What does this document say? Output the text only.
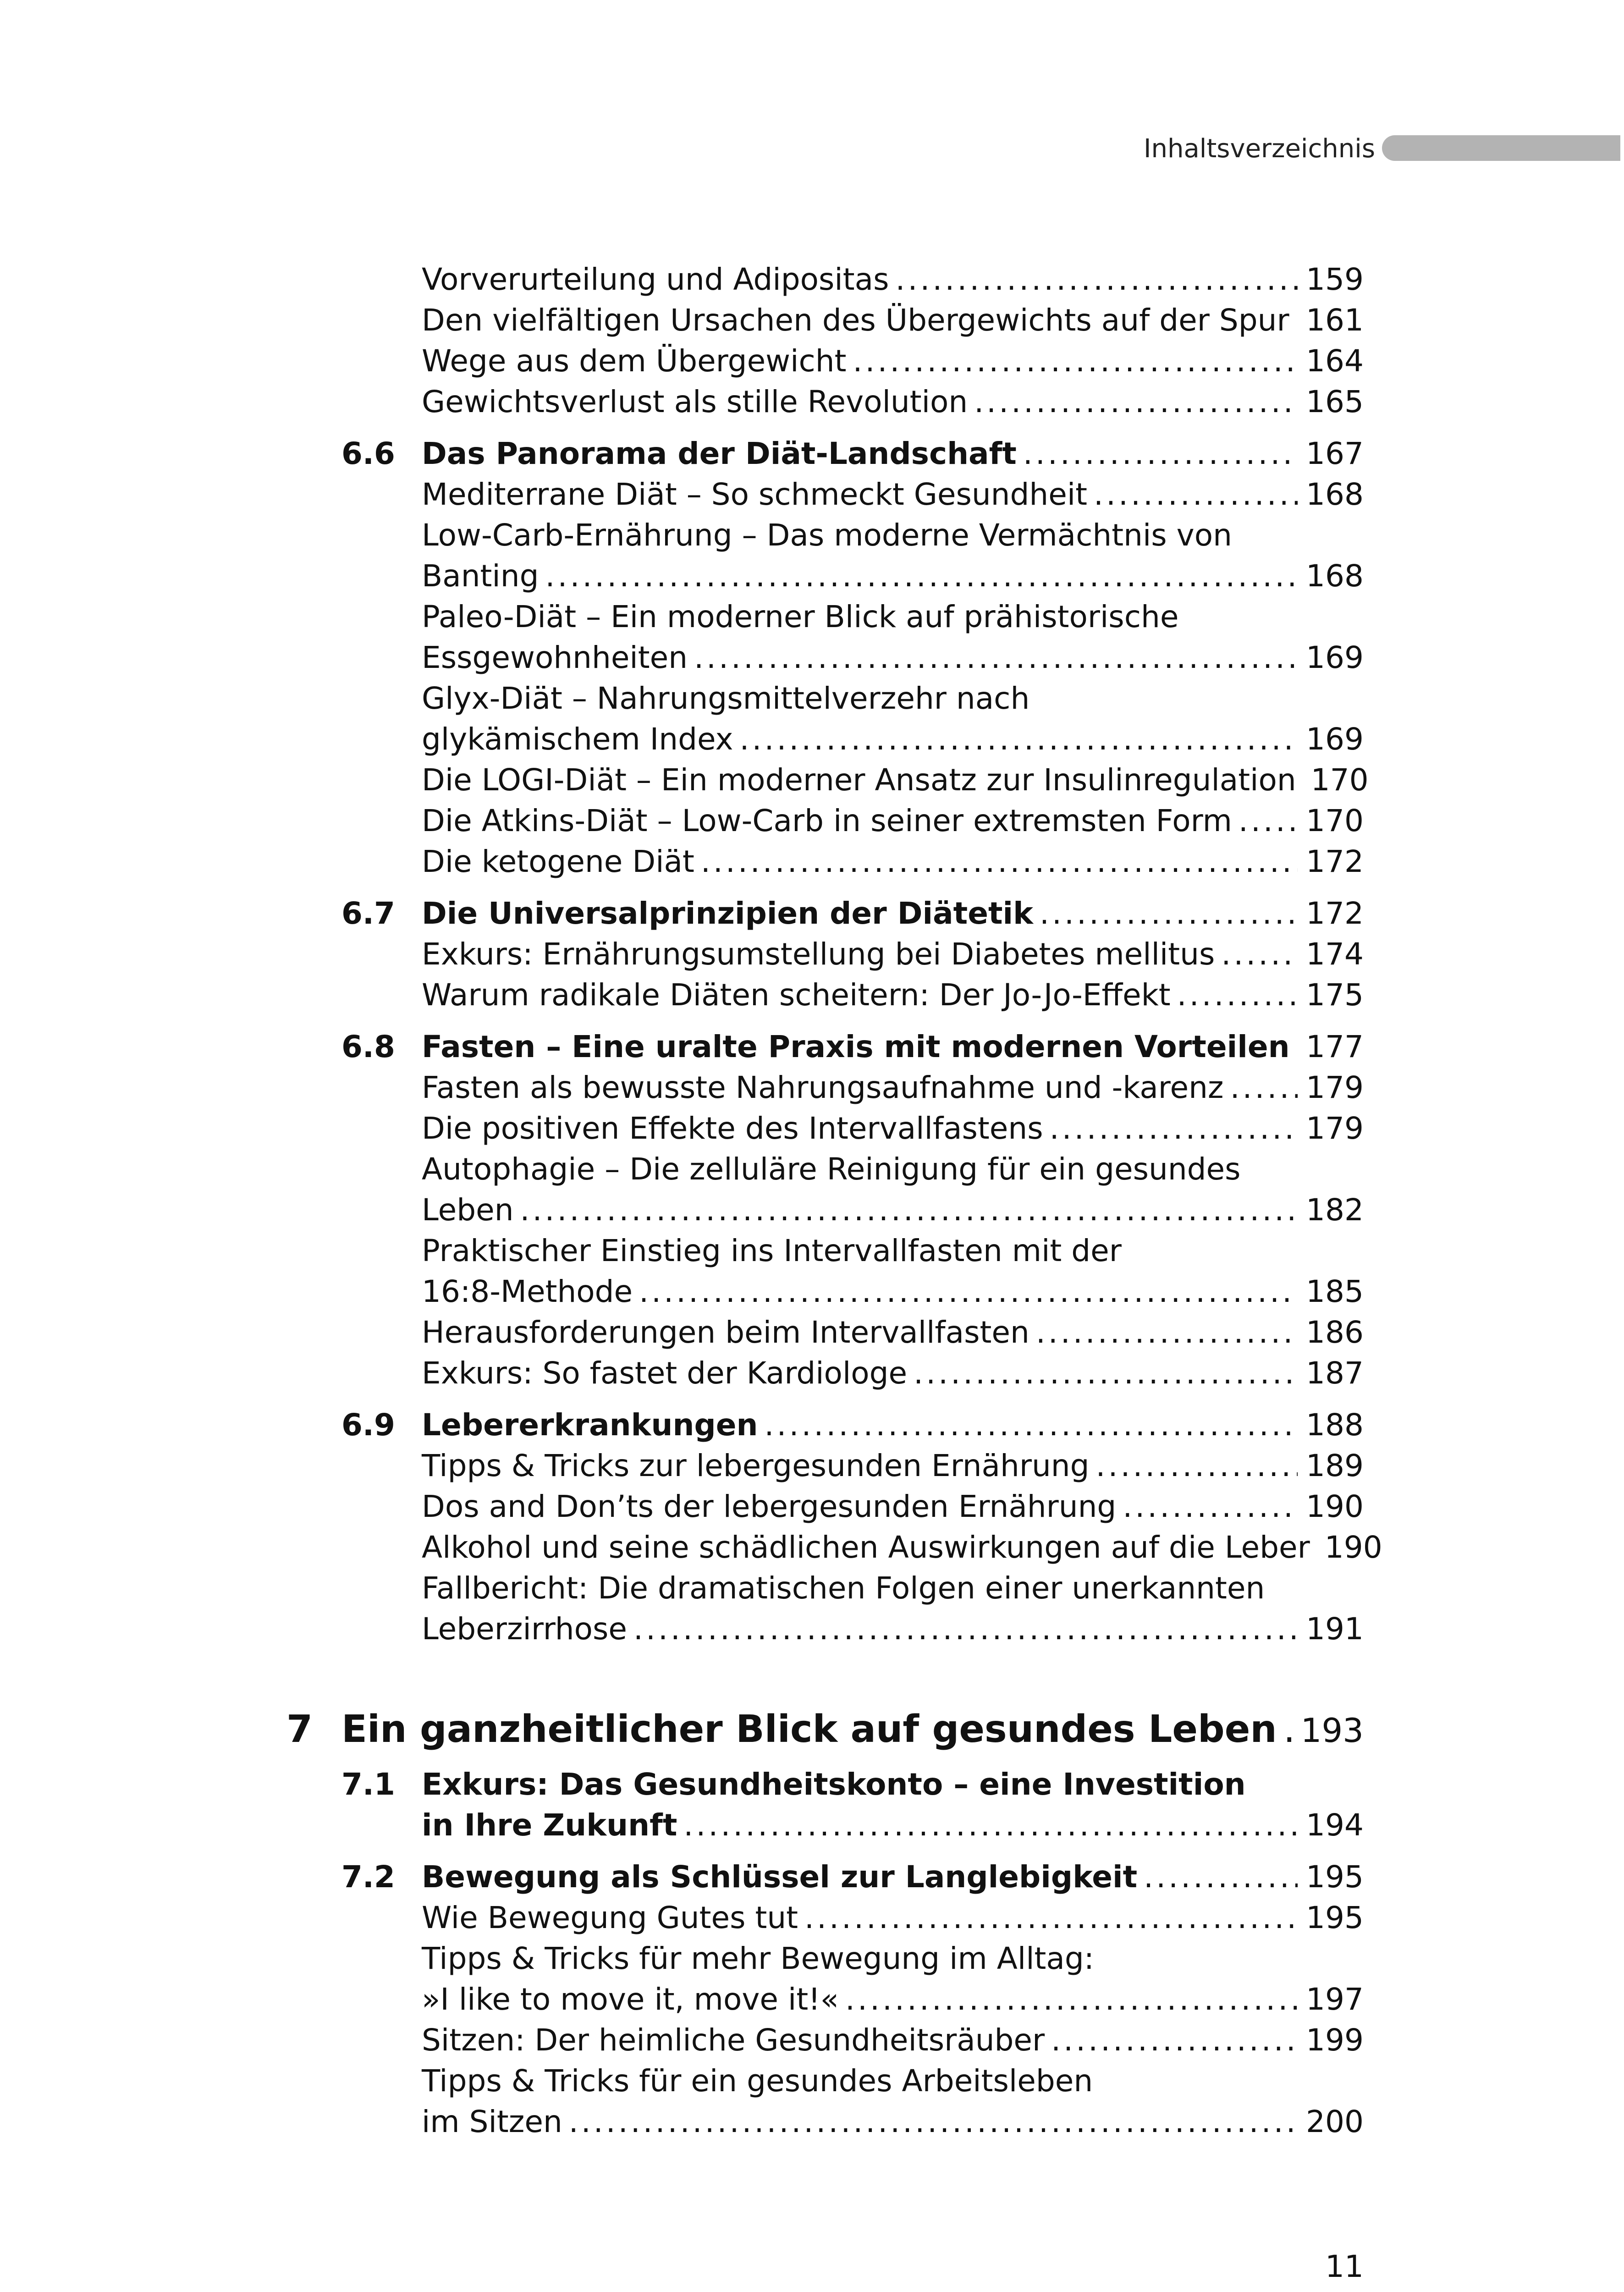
Inhaltsverzeichnis
Vorverurteilung und Adipositas .....	159
Den vielfältigen Ursachen des Übergewichts auf der Spur ..... 161
Wege aus dem Übergewicht .....	164
Gewichtsverlust als stille Revolution .....	165
6.6 Das Panorama der Diät-Landschaft .....	167
Mediterrane Diät – So schmeckt Gesundheit .....	168
Low-Carb-Ernährung – Das moderne Vermächtnis von
Banting .....	168
Paleo-Diät – Ein moderner Blick auf prähistorische
Essgewohnheiten .....	169
Glyx-Diät – Nahrungsmittelverzehr nach
glykämischem Index .....	169
Die LOGI-Diät – Ein moderner Ansatz zur Insulinregulation 170
Die Atkins-Diät – Low-Carb in seiner extremsten Form ..... 170
Die ketogene Diät .....	172
6.7 Die Universalprinzipien der Diätetik .....	172
Exkurs: Ernährungsumstellung bei Diabetes mellitus .....	174
Warum radikale Diäten scheitern: Der Jo-Jo-Effekt .....	175
6.8 Fasten – Eine uralte Praxis mit modernen Vorteilen ..... 177
Fasten als bewusste Nahrungsaufnahme und -karenz .....	179
Die positiven Effekte des Intervallfastens .....	179
Autophagie – Die zelluläre Reinigung für ein gesundes
Leben .....	182
Praktischer Einstieg ins Intervallfasten mit der
16:8-Methode .....	185
Herausforderungen beim Intervallfasten .....	186
Exkurs: So fastet der Kardiologe .....	187
6.9 Lebererkrankungen .....	188
Tipps & Tricks zur lebergesunden Ernährung .....	189
Dos and Don’ts der lebergesunden Ernährung .....	190
Alkohol und seine schädlichen Auswirkungen auf die Leber 190
Fallbericht: Die dramatischen Folgen einer unerkannten
Leberzirrhose .....	191
7 Ein ganzheitlicher Blick auf gesundes Leben ..... 193
7.1 Exkurs: Das Gesundheitskonto – eine Investition
in Ihre Zukunft .....	194
7.2 Bewegung als Schlüssel zur Langlebigkeit .....	195
Wie Bewegung Gutes tut .....	195
Tipps & Tricks für mehr Bewegung im Alltag:
»I like to move it, move it!« .....	197
Sitzen: Der heimliche Gesundheitsräuber .....	199
Tipps & Tricks für ein gesundes Arbeitsleben
im Sitzen .....	200
11
